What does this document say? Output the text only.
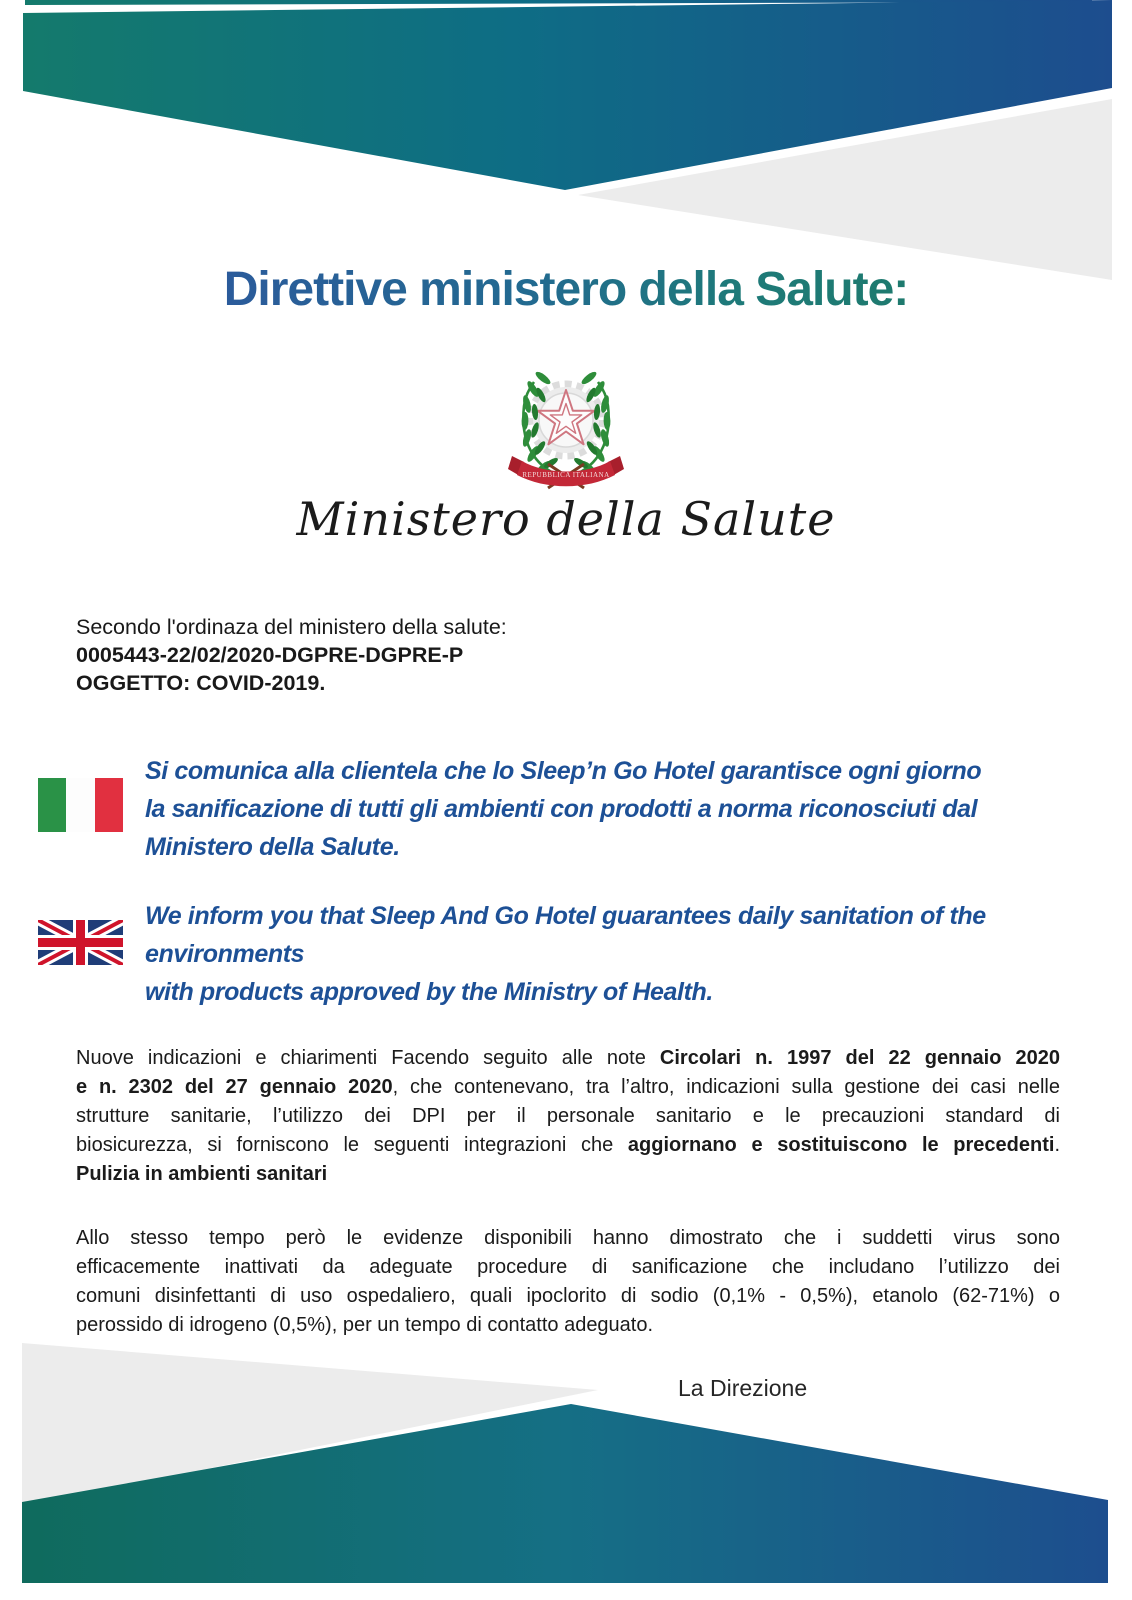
Direttive ministero della Salute:
REPUBBLICA ITALIANA
Ministero della Salute
Secondo l'ordinaza del ministero della salute:
0005443-22/02/2020-DGPRE-DGPRE-P
OGGETTO: COVID-2019.
Si comunica alla clientela che lo Sleep’n Go Hotel garantisce ogni giorno
la sanificazione di tutti gli ambienti con prodotti a norma riconosciuti dal
Ministero della Salute.
We inform you that Sleep And Go Hotel guarantees daily sanitation of the
environments
with products approved by the Ministry of Health.
Nuove indicazioni e chiarimenti Facendo seguito alle note Circolari n. 1997 del 22 gennaio 2020
e n. 2302 del 27 gennaio 2020, che contenevano, tra l’altro, indicazioni sulla gestione dei casi nelle
strutture sanitarie, l’utilizzo dei DPI per il personale sanitario e le precauzioni standard di
biosicurezza, si forniscono le seguenti integrazioni che aggiornano e sostituiscono le precedenti.
Pulizia in ambienti sanitari
Allo stesso tempo però le evidenze disponibili hanno dimostrato che i suddetti virus sono
efficacemente inattivati da adeguate procedure di sanificazione che includano l’utilizzo dei
comuni disinfettanti di uso ospedaliero, quali ipoclorito di sodio (0,1% - 0,5%), etanolo (62-71%) o
perossido di idrogeno (0,5%), per un tempo di contatto adeguato.
La Direzione
